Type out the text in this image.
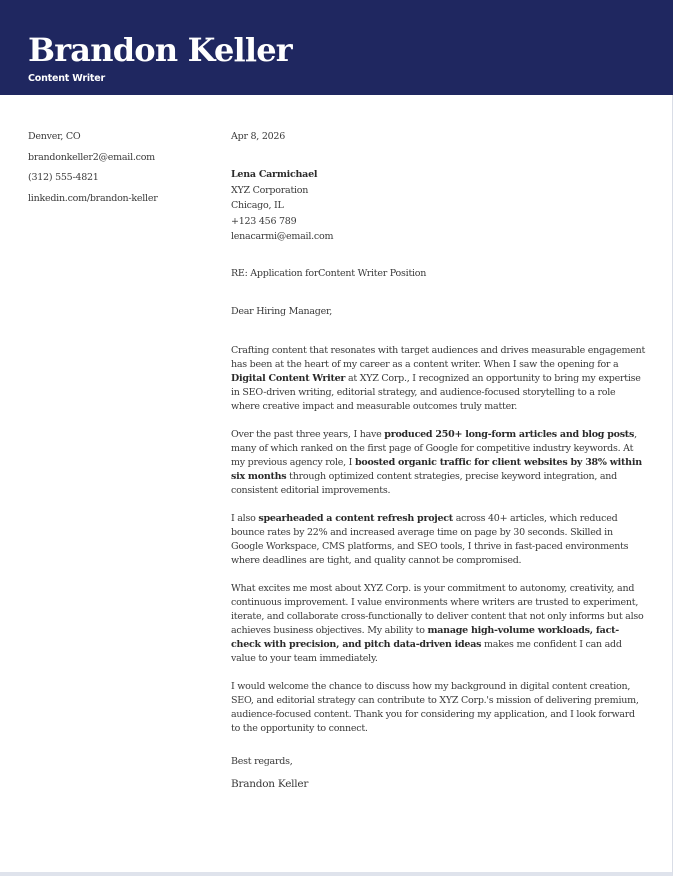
Brandon Keller
Content Writer
Denver, CO
brandonkeller2@email.com
(312) 555-4821
linkedin.com/brandon-keller
Apr 8, 2026
Lena Carmichael
XYZ Corporation
Chicago, IL
+123 456 789
lenacarmi@email.com
RE: Application forContent Writer Position
Dear Hiring Manager,

Crafting content that resonates with target audiences and drives measurable engagement has been at the heart of my career as a content writer. When I saw the opening for a Digital Content Writer at XYZ Corp., I recognized an opportunity to bring my expertise in SEO-driven writing, editorial strategy, and audience-focused storytelling to a role where creative impact and measurable outcomes truly matter.

Over the past three years, I have produced 250+ long-form articles and blog posts, many of which ranked on the first page of Google for competitive industry keywords. At my previous agency role, I boosted organic traffic for client websites by 38% within six months through optimized content strategies, precise keyword integration, and consistent editorial improvements.

I also spearheaded a content refresh project across 40+ articles, which reduced bounce rates by 22% and increased average time on page by 30 seconds. Skilled in Google Workspace, CMS platforms, and SEO tools, I thrive in fast-paced environments where deadlines are tight, and quality cannot be compromised.

What excites me most about XYZ Corp. is your commitment to autonomy, creativity, and continuous improvement. I value environments where writers are trusted to experiment, iterate, and collaborate cross-functionally to deliver content that not only informs but also achieves business objectives. My ability to manage high-volume workloads, fact-check with precision, and pitch data-driven ideas makes me confident I can add value to your team immediately.

I would welcome the chance to discuss how my background in digital content creation, SEO, and editorial strategy can contribute to XYZ Corp.'s mission of delivering premium, audience-focused content. Thank you for considering my application, and I look forward to the opportunity to connect.

Best regards,
Brandon Keller
